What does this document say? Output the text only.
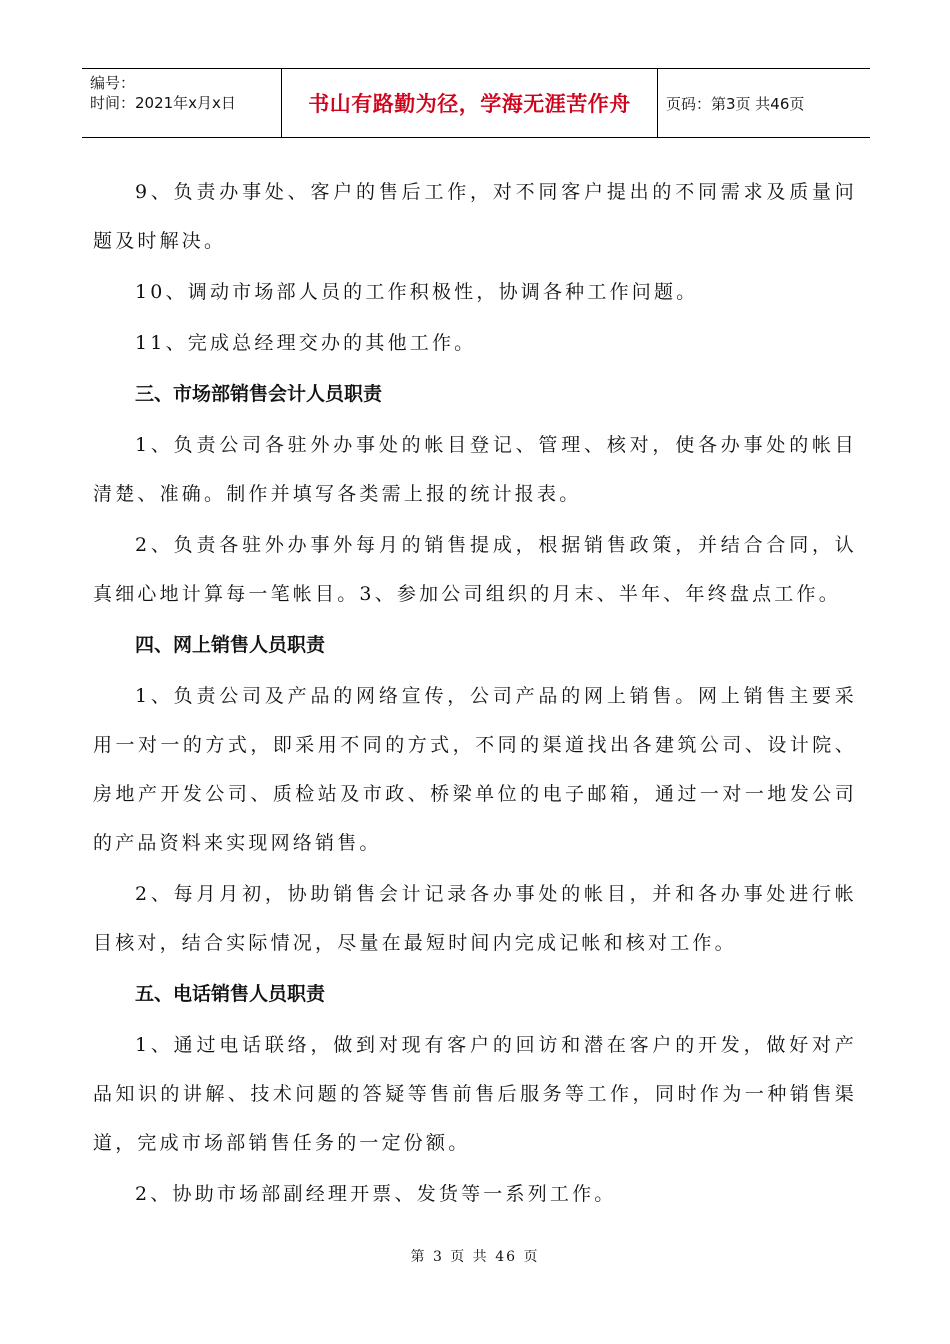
编号：
时间：2021年x月x日	书山有路勤为径，学海无涯苦作舟	页码：第3页 共46页

9、负责办事处、客户的售后工作，对不同客户提出的不同需求及质量问题及时解决。

10、调动市场部人员的工作积极性，协调各种工作问题。

11、完成总经理交办的其他工作。

三、市场部销售会计人员职责

1、负责公司各驻外办事处的帐目登记、管理、核对，使各办事处的帐目清楚、准确。制作并填写各类需上报的统计报表。

2、负责各驻外办事外每月的销售提成，根据销售政策，并结合合同，认真细心地计算每一笔帐目。3、参加公司组织的月末、半年、年终盘点工作。

四、网上销售人员职责

1、负责公司及产品的网络宣传，公司产品的网上销售。网上销售主要采用一对一的方式，即采用不同的方式，不同的渠道找出各建筑公司、设计院、房地产开发公司、质检站及市政、桥梁单位的电子邮箱，通过一对一地发公司的产品资料来实现网络销售。

2、每月月初，协助销售会计记录各办事处的帐目，并和各办事处进行帐目核对，结合实际情况，尽量在最短时间内完成记帐和核对工作。

五、电话销售人员职责

1、通过电话联络，做到对现有客户的回访和潜在客户的开发，做好对产品知识的讲解、技术问题的答疑等售前售后服务等工作，同时作为一种销售渠道，完成市场部销售任务的一定份额。

2、协助市场部副经理开票、发货等一系列工作。

第 3 页 共 46 页
